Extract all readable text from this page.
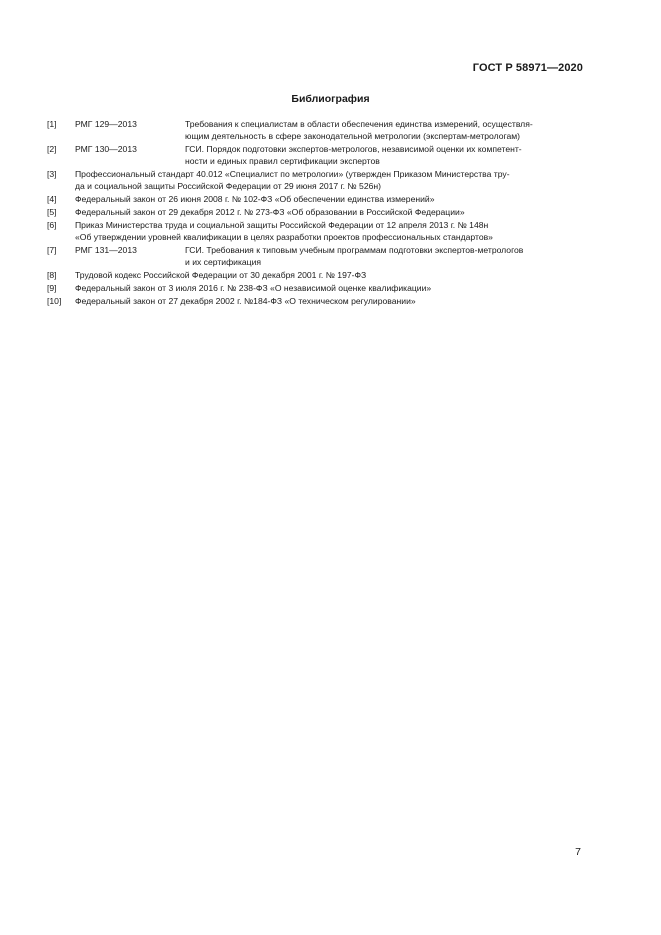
ГОСТ Р 58971—2020
Библиография
[1] РМГ 129—2013	Требования к специалистам в области обеспечения единства измерений, осуществля-
ющим деятельность в сфере законодательной метрологии (экспертам-метрологам)
[2] РМГ 130—2013	ГСИ. Порядок подготовки экспертов-метрологов, независимой оценки их компетент-
ности и единых правил сертификации экспертов
[3] Профессиональный стандарт 40.012 «Специалист по метрологии» (утвержден Приказом Министерства тру-
да и социальной защиты Российской Федерации от 29 июня 2017 г. № 526н)
[4] Федеральный закон от 26 июня 2008 г. № 102-ФЗ «Об обеспечении единства измерений»
[5] Федеральный закон от 29 декабря 2012 г. № 273-ФЗ «Об образовании в Российской Федерации»
[6] Приказ Министерства труда и социальной защиты Российской Федерации от 12 апреля 2013 г. № 148н
«Об утверждении уровней квалификации в целях разработки проектов профессиональных стандартов»
[7] РМГ 131—2013	ГСИ. Требования к типовым учебным программам подготовки экспертов-метрологов
и их сертификация
[8] Трудовой кодекс Российской Федерации от 30 декабря 2001 г. № 197-ФЗ
[9] Федеральный закон от 3 июля 2016 г. № 238-ФЗ «О независимой оценке квалификации»
[10] Федеральный закон от 27 декабря 2002 г. №184-ФЗ «О техническом регулировании»
7
